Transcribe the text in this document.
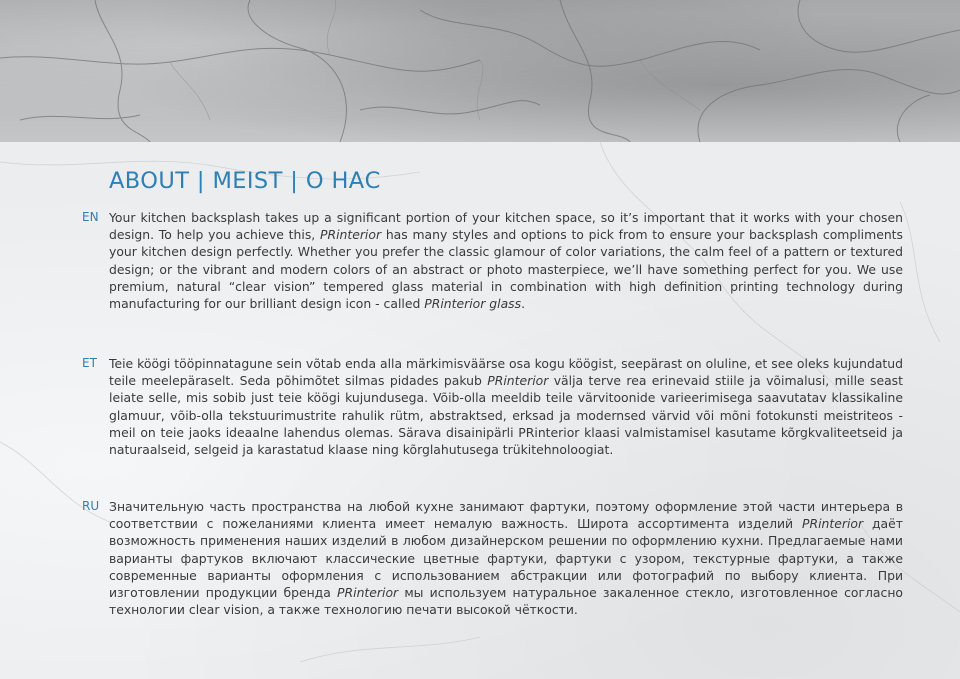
ABOUT | MEIST | О НАС
EN Your kitchen backsplash takes up a significant portion of your kitchen space, so it’s important that it works with your chosen design. To help you achieve this, PRinterior has many styles and options to pick from to ensure your backsplash compliments your kitchen design perfectly. Whether you prefer the classic glamour of color variations, the calm feel of a pattern or textured design; or the vibrant and modern colors of an abstract or photo masterpiece, we’ll have something perfect for you. We use premium, natural “clear vision” tempered glass material in combination with high definition printing technology during manufacturing for our brilliant design icon - called PRinterior glass.

ET Teie köögi tööpinnatagune sein võtab enda alla märkimisväärse osa kogu köögist, seepärast on oluline, et see oleks kujundatud teile meelepäraselt. Seda põhimõtet silmas pidades pakub PRinterior välja terve rea erinevaid stiile ja võimalusi, mille seast leiate selle, mis sobib just teie köögi kujundusega. Võib-olla meeldib teile värvitoonide varieerimisega saavutatav klassikaline glamuur, võib-olla tekstuurimustrite rahulik rütm, abstraktsed, erksad ja modernsed värvid või mõni fotokunsti meistriteos - meil on teie jaoks ideaalne lahendus olemas. Särava disainipärli PRinterior klaasi valmistamisel kasutame kõrgkvaliteetseid ja naturaalseid, selgeid ja karastatud klaase ning kõrglahutusega trükitehnoloogiat.

RU Значительную часть пространства на любой кухне занимают фартуки, поэтому оформление этой части интерьера в соответствии с пожеланиями клиента имеет немалую важность. Широта ассортимента изделий PRinterior даёт возможность применения наших изделий в любом дизайнерском решении по оформлению кухни. Предлагаемые нами варианты фартуков включают классические цветные фартуки, фартуки с узором, текстурные фартуки, а также современные варианты оформления с использованием абстракции или фотографий по выбору клиента. При изготовлении продукции бренда PRinterior мы используем натуральное закаленное стекло, изготовленное согласно технологии clear vision, а также технологию печати высокой чёткости.
